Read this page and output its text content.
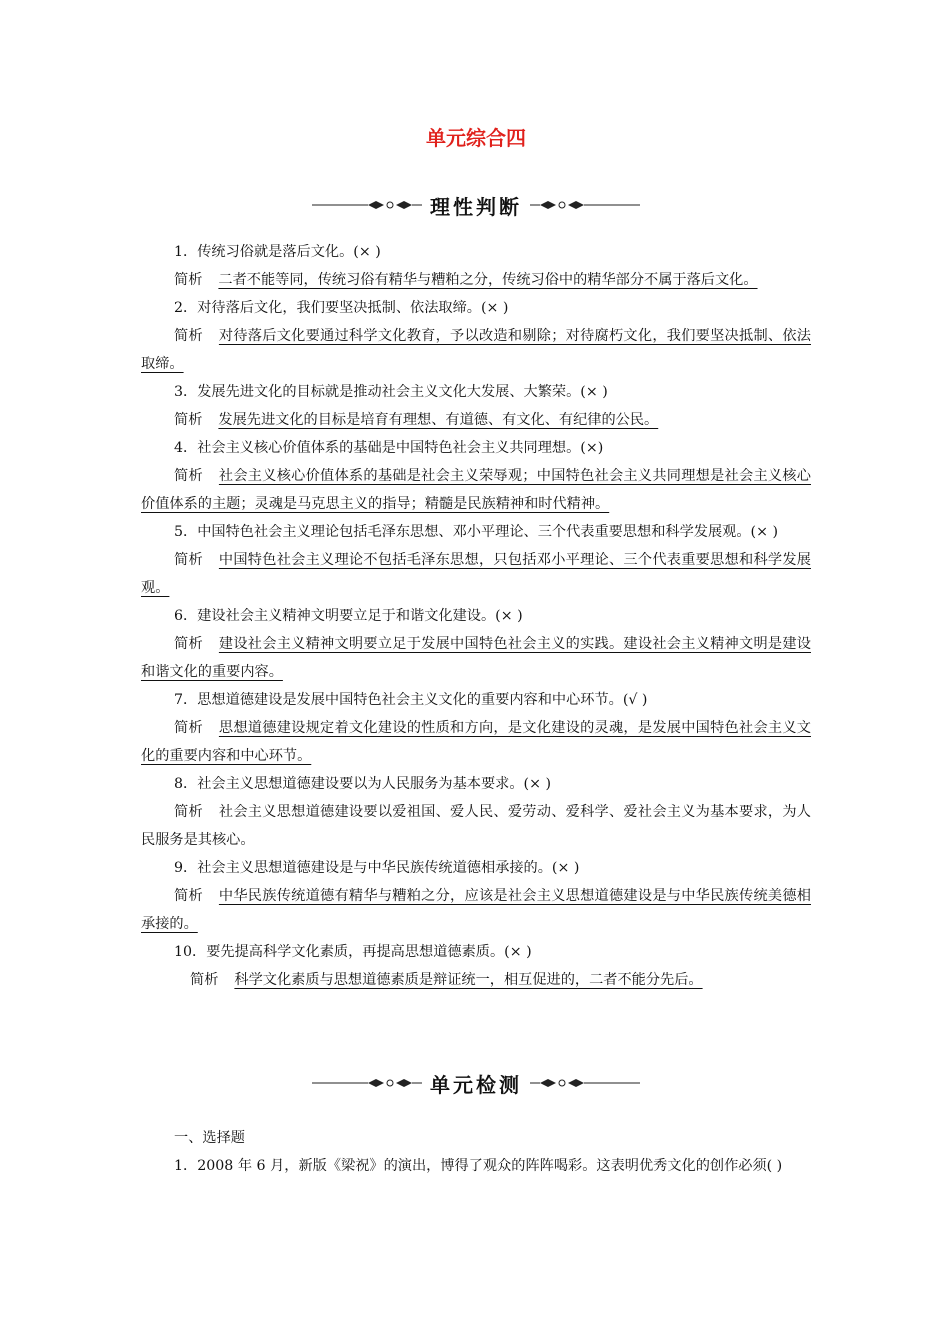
单元综合四
理性判断

1．传统习俗就是落后文化。(× )

简析 二者不能等同，传统习俗有精华与糟粕之分，传统习俗中的精华部分不属于落后文化。

2．对待落后文化，我们要坚决抵制、依法取缔。(× )

简析 对待落后文化要通过科学文化教育，予以改造和剔除；对待腐朽文化，我们要坚决抵制、依法取缔。

3．发展先进文化的目标就是推动社会主义文化大发展、大繁荣。(× )

简析 发展先进文化的目标是培育有理想、有道德、有文化、有纪律的公民。

4．社会主义核心价值体系的基础是中国特色社会主义共同理想。(×)

简析 社会主义核心价值体系的基础是社会主义荣辱观；中国特色社会主义共同理想是社会主义核心价值体系的主题；灵魂是马克思主义的指导；精髓是民族精神和时代精神。

5．中国特色社会主义理论包括毛泽东思想、邓小平理论、三个代表重要思想和科学发展观。(× )

简析 中国特色社会主义理论不包括毛泽东思想，只包括邓小平理论、三个代表重要思想和科学发展观。

6．建设社会主义精神文明要立足于和谐文化建设。(× )

简析 建设社会主义精神文明要立足于发展中国特色社会主义的实践。建设社会主义精神文明是建设和谐文化的重要内容。

7．思想道德建设是发展中国特色社会主义文化的重要内容和中心环节。(√ )

简析 思想道德建设规定着文化建设的性质和方向，是文化建设的灵魂，是发展中国特色社会主义文化的重要内容和中心环节。

8．社会主义思想道德建设要以为人民服务为基本要求。(× )

简析 社会主义思想道德建设要以爱祖国、爱人民、爱劳动、爱科学、爱社会主义为基本要求，为人民服务是其核心。

9．社会主义思想道德建设是与中华民族传统道德相承接的。(× )

简析 中华民族传统道德有精华与糟粕之分，应该是社会主义思想道德建设是与中华民族传统美德相承接的。

10．要先提高科学文化素质，再提高思想道德素质。(× )

简析 科学文化素质与思想道德素质是辩证统一，相互促进的，二者不能分先后。

单元检测

一、选择题

1．2008 年 6 月，新版《梁祝》的演出，博得了观众的阵阵喝彩。这表明优秀文化的创作必须( )
